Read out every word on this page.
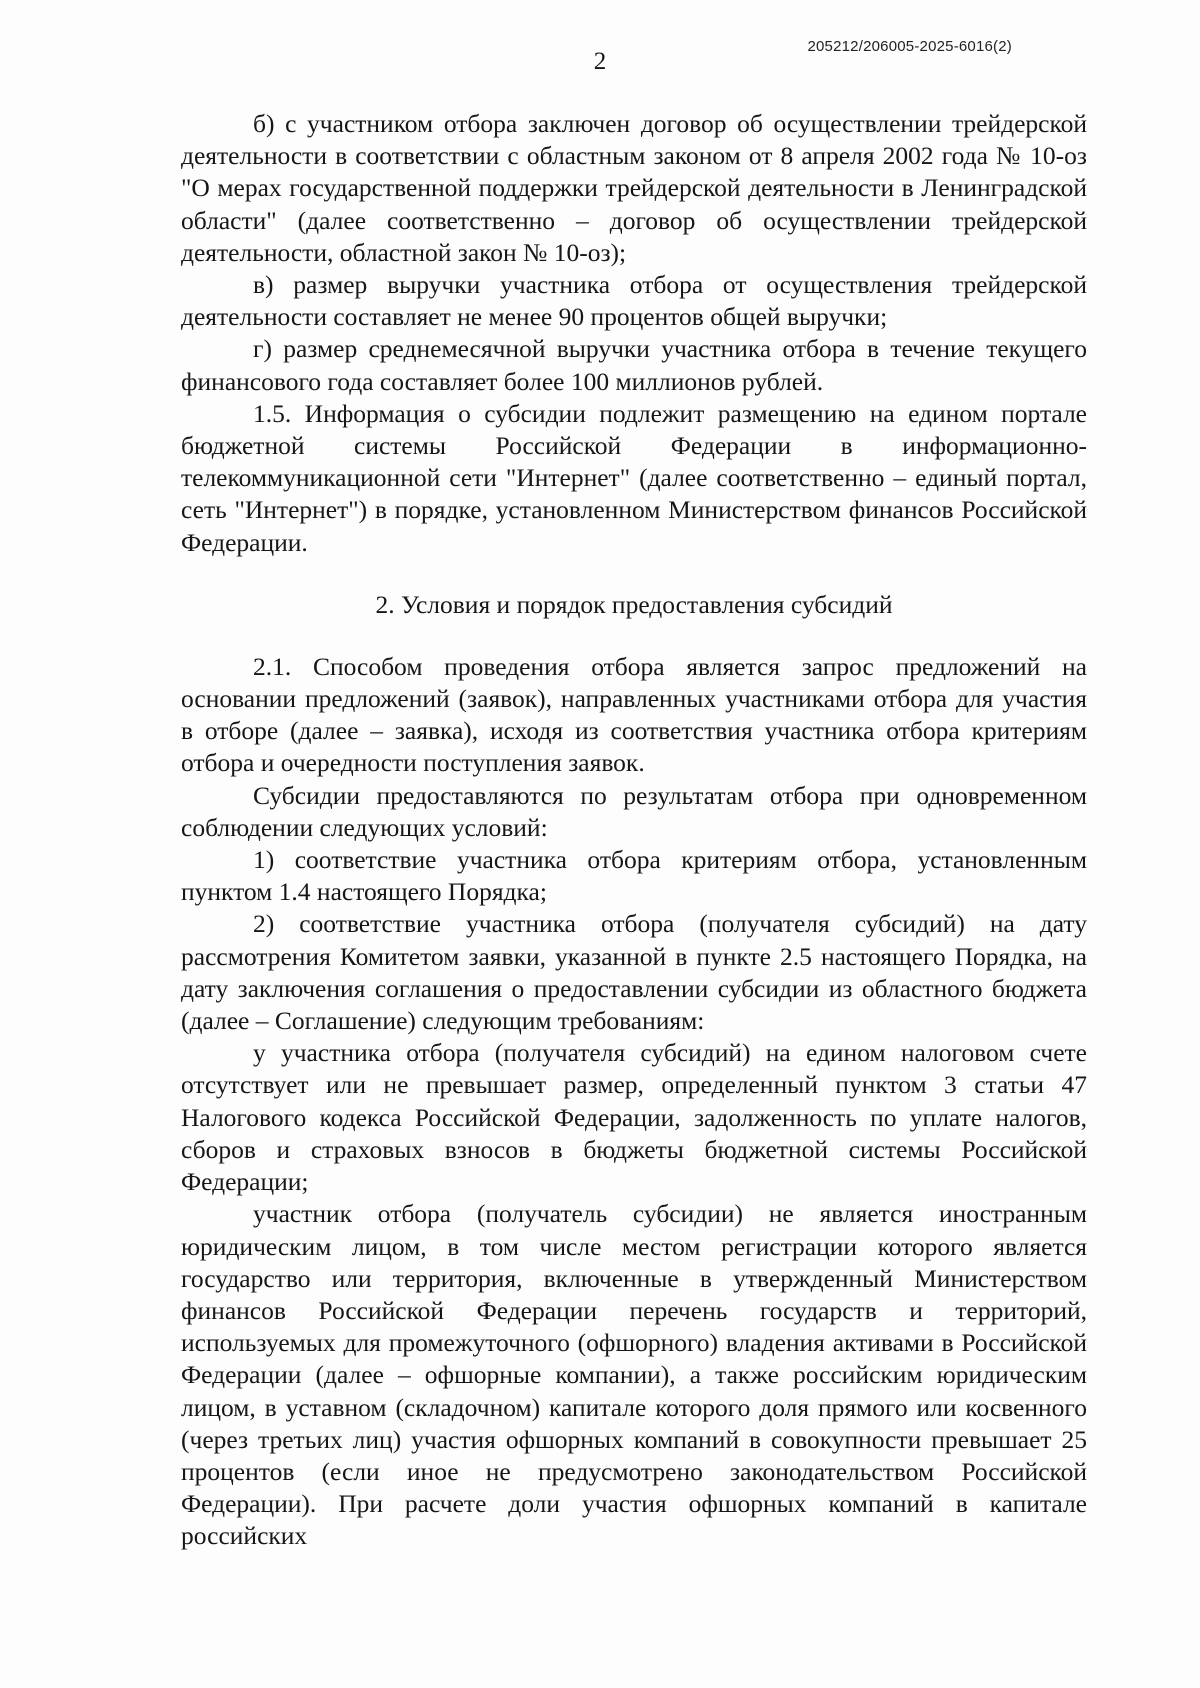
205212/206005-2025-6016(2)
2

б) с участником отбора заключен договор об осуществлении трейдерской деятельности в соответствии с областным законом от 8 апреля 2002 года № 10-оз "О мерах государственной поддержки трейдерской деятельности в Ленинградской области" (далее соответственно – договор об осуществлении трейдерской деятельности, областной закон № 10-оз);

в) размер выручки участника отбора от осуществления трейдерской деятельности составляет не менее 90 процентов общей выручки;

г) размер среднемесячной выручки участника отбора в течение текущего финансового года составляет более 100 миллионов рублей.

1.5. Информация о субсидии подлежит размещению на едином портале бюджетной системы Российской Федерации в информационно-телекоммуникационной сети "Интернет" (далее соответственно – единый портал, сеть "Интернет") в порядке, установленном Министерством финансов Российской Федерации.

2. Условия и порядок предоставления субсидий

2.1. Способом проведения отбора является запрос предложений на основании предложений (заявок), направленных участниками отбора для участия в отборе (далее – заявка), исходя из соответствия участника отбора критериям отбора и очередности поступления заявок.

Субсидии предоставляются по результатам отбора при одновременном соблюдении следующих условий:

1) соответствие участника отбора критериям отбора, установленным пунктом 1.4 настоящего Порядка;

2) соответствие участника отбора (получателя субсидий) на дату рассмотрения Комитетом заявки, указанной в пункте 2.5 настоящего Порядка, на дату заключения соглашения о предоставлении субсидии из областного бюджета (далее – Соглашение) следующим требованиям:

у участника отбора (получателя субсидий) на едином налоговом счете отсутствует или не превышает размер, определенный пунктом 3 статьи 47 Налогового кодекса Российской Федерации, задолженность по уплате налогов, сборов и страховых взносов в бюджеты бюджетной системы Российской Федерации;

участник отбора (получатель субсидии) не является иностранным юридическим лицом, в том числе местом регистрации которого является государство или территория, включенные в утвержденный Министерством финансов Российской Федерации перечень государств и территорий, используемых для промежуточного (офшорного) владения активами в Российской Федерации (далее – офшорные компании), а также российским юридическим лицом, в уставном (складочном) капитале которого доля прямого или косвенного (через третьих лиц) участия офшорных компаний в совокупности превышает 25 процентов (если иное не предусмотрено законодательством Российской Федерации). При расчете доли участия офшорных компаний в капитале российских
